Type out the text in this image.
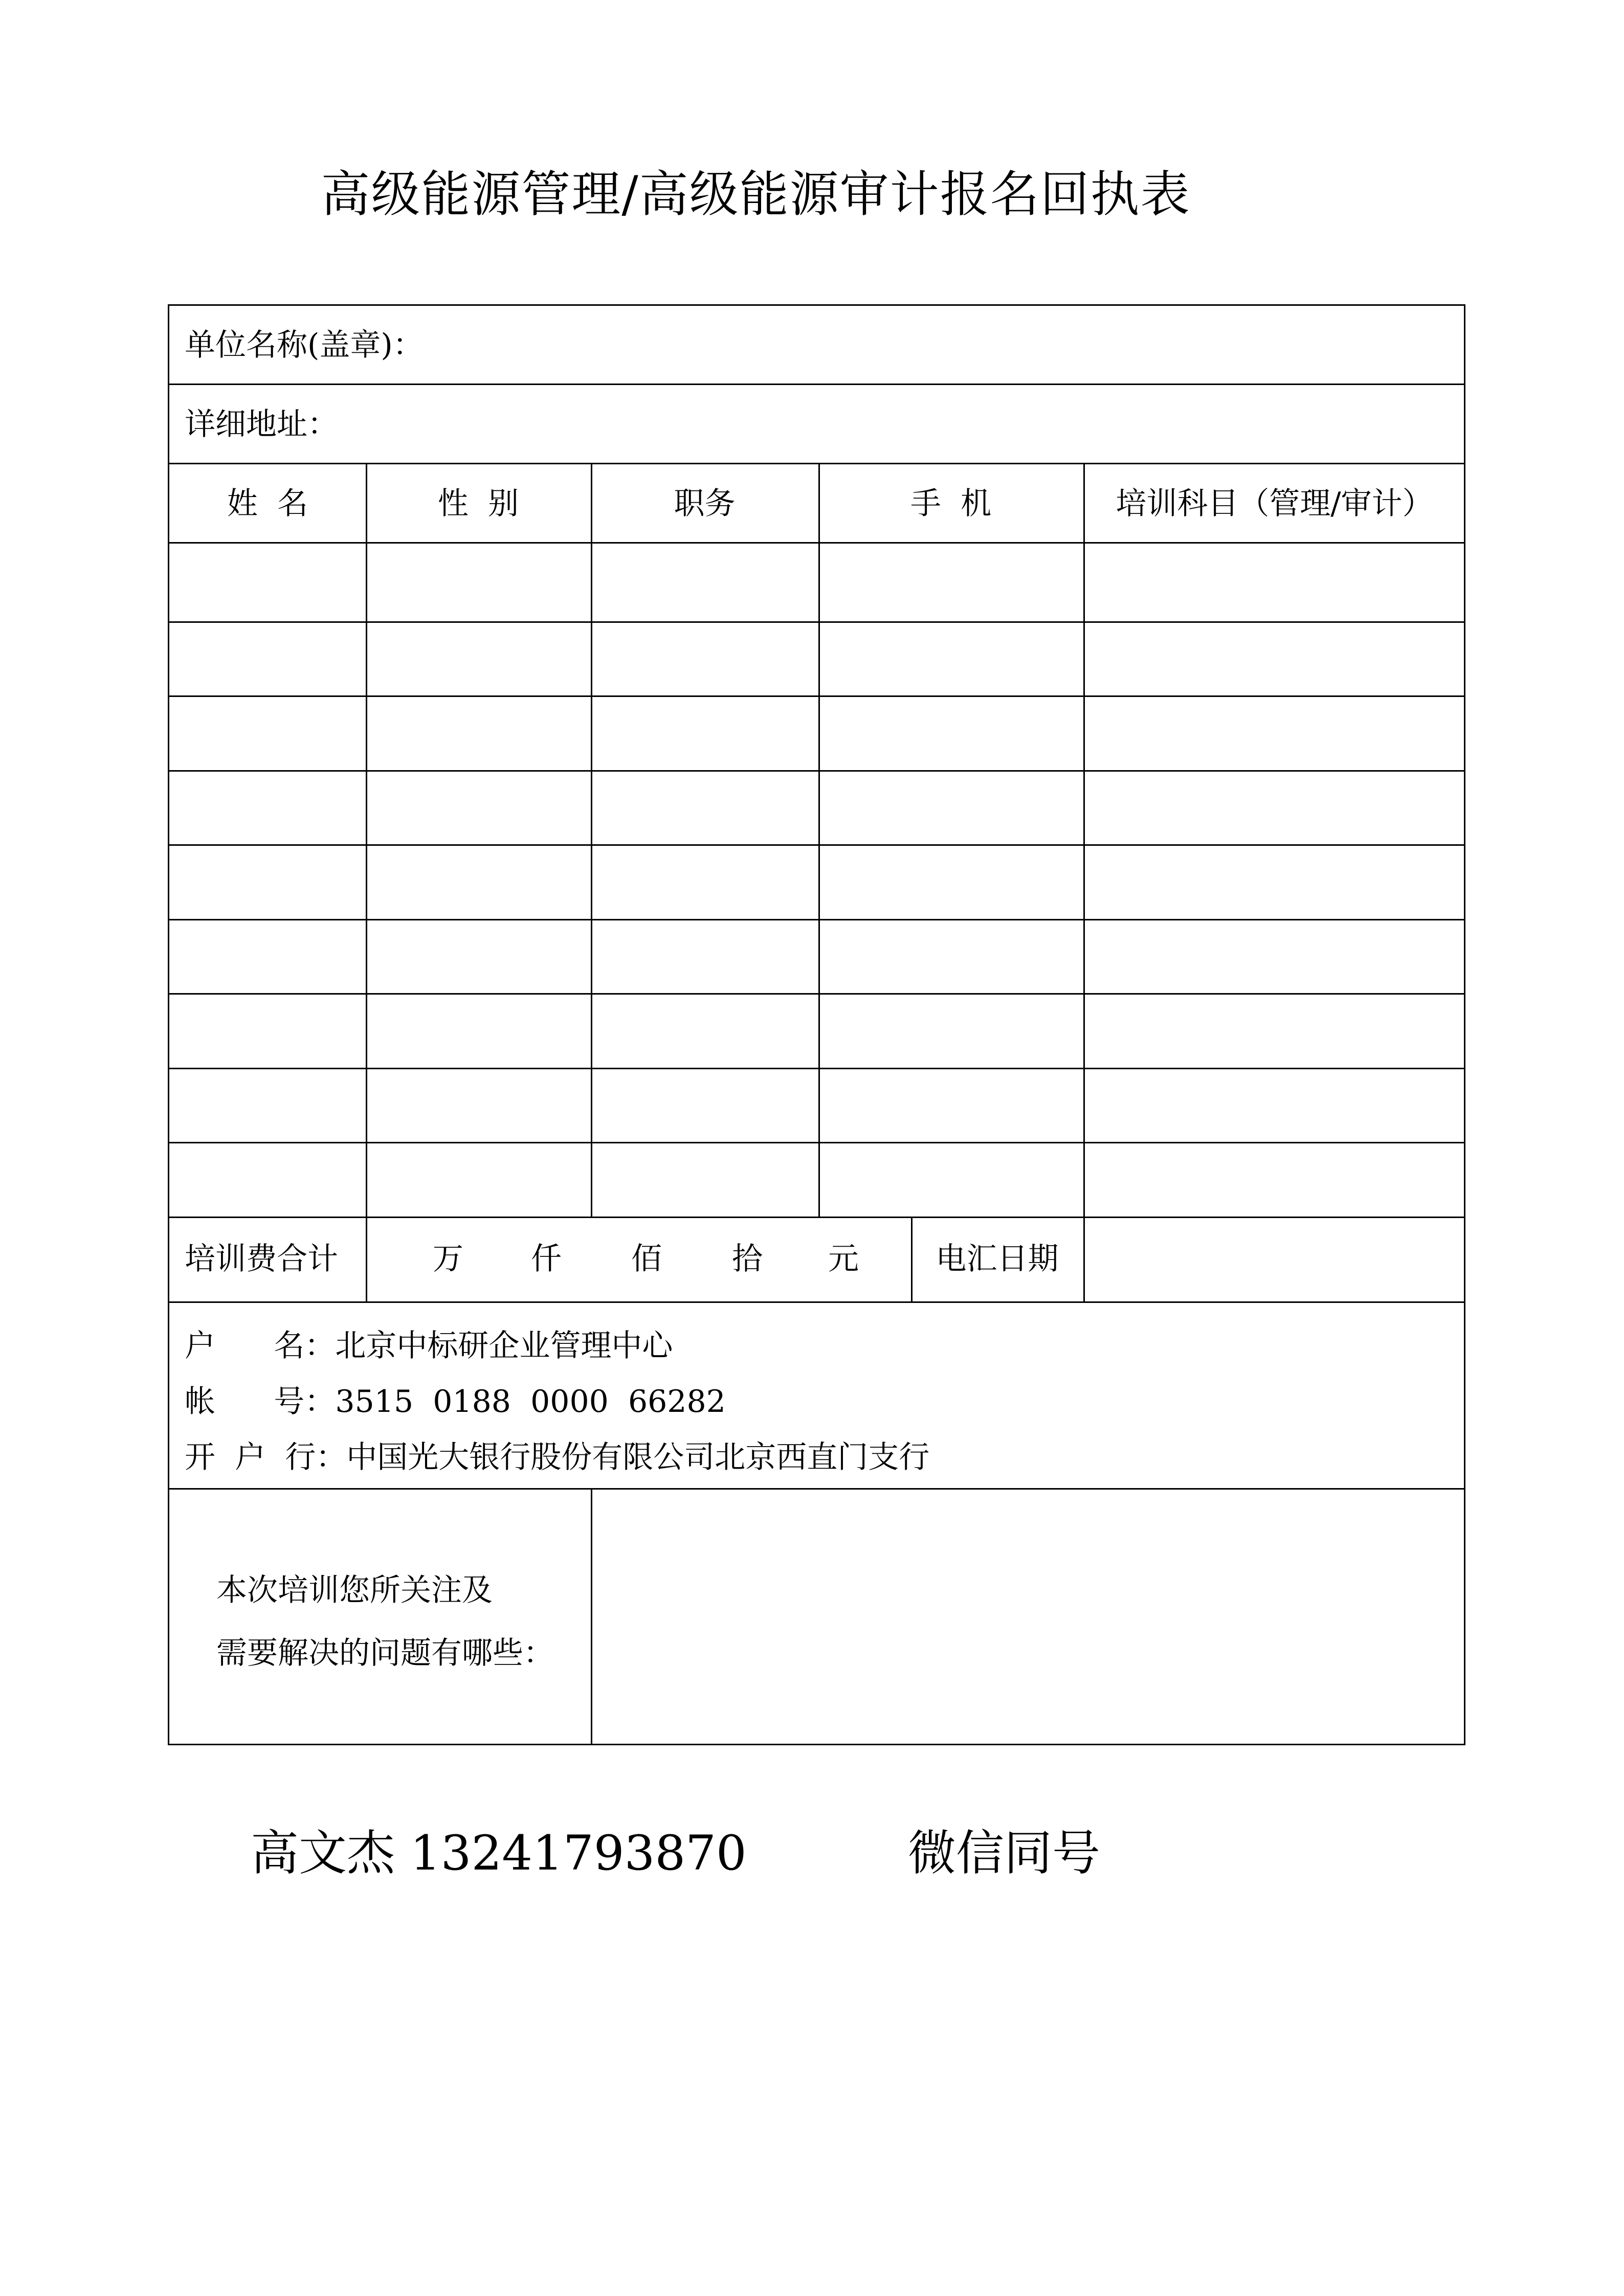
高级能源管理/高级能源审计报名回执表
单位名称(盖章)：
详细地址：
姓  名	性  别	职务	手  机	培训科目（管理/审计）
培训费合计	万 仟 佰 拾 元	电汇日期
户      名：北京中标研企业管理中心
帐      号：3515  0188  0000  66282
开  户  行：中国光大银行股份有限公司北京西直门支行
本次培训您所关注及
需要解决的问题有哪些：
高文杰 13241793870	微信同号
